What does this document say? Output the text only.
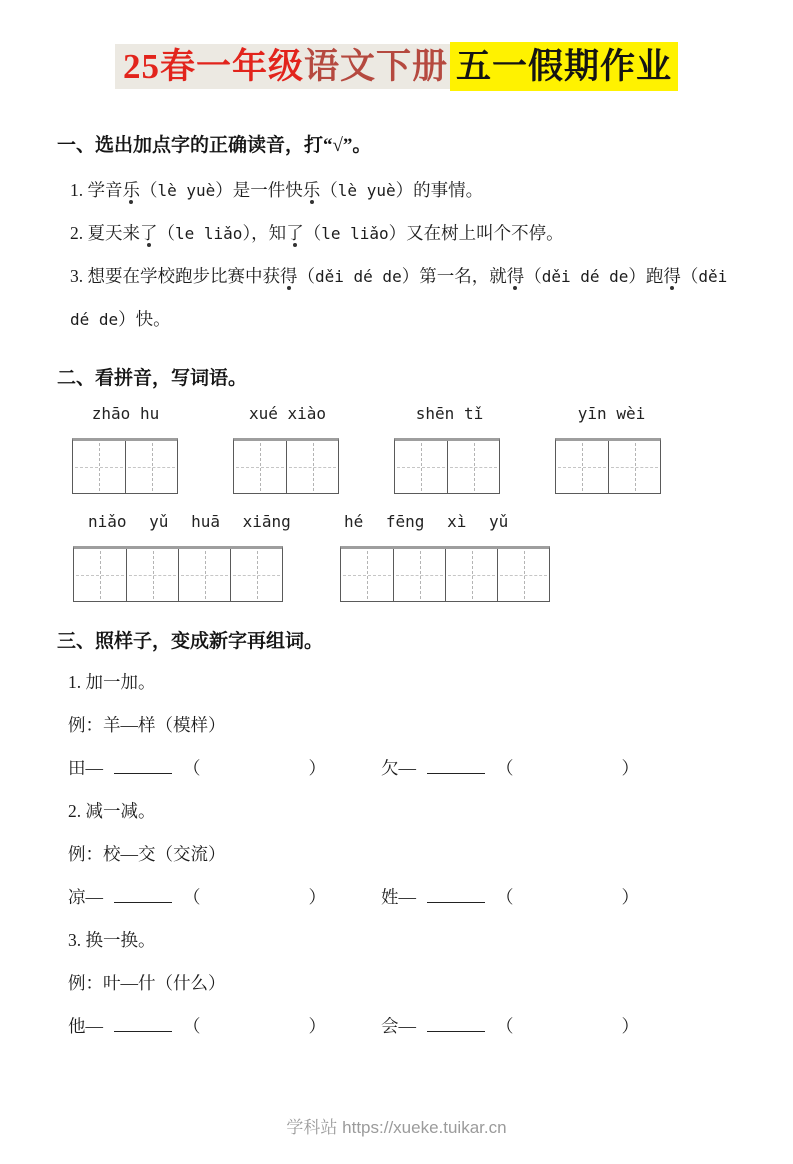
25春一年级语文下册 五一假期作业
一、选出加点字的正确读音，打“√”。

1. 学音乐（lè yuè）是一件快乐（lè yuè）的事情。

2. 夏天来了（le liǎo），知了（le liǎo）又在树上叫个不停。

3. 想要在学校跑步比赛中获得（děi dé de）第一名，就得（děi dé de）跑得（děi dé de）快。

二、看拼音，写词语。
zhāo hu	xué xiào	shēn tǐ	yīn wèi
niǎo yǔ huā xiāng	hé fēng xì yǔ
三、照样子，变成新字再组词。

1. 加一加。

例：羊—样（模样）

田—	（	）	欠—	（	）

2. 减一减。

例：校—交（交流）

凉—	（	）	姓—	（	）

3. 换一换。

例：叶—什（什么）

他—	（	）	会—	（	）

学科站 https://xueke.tuikar.cn
